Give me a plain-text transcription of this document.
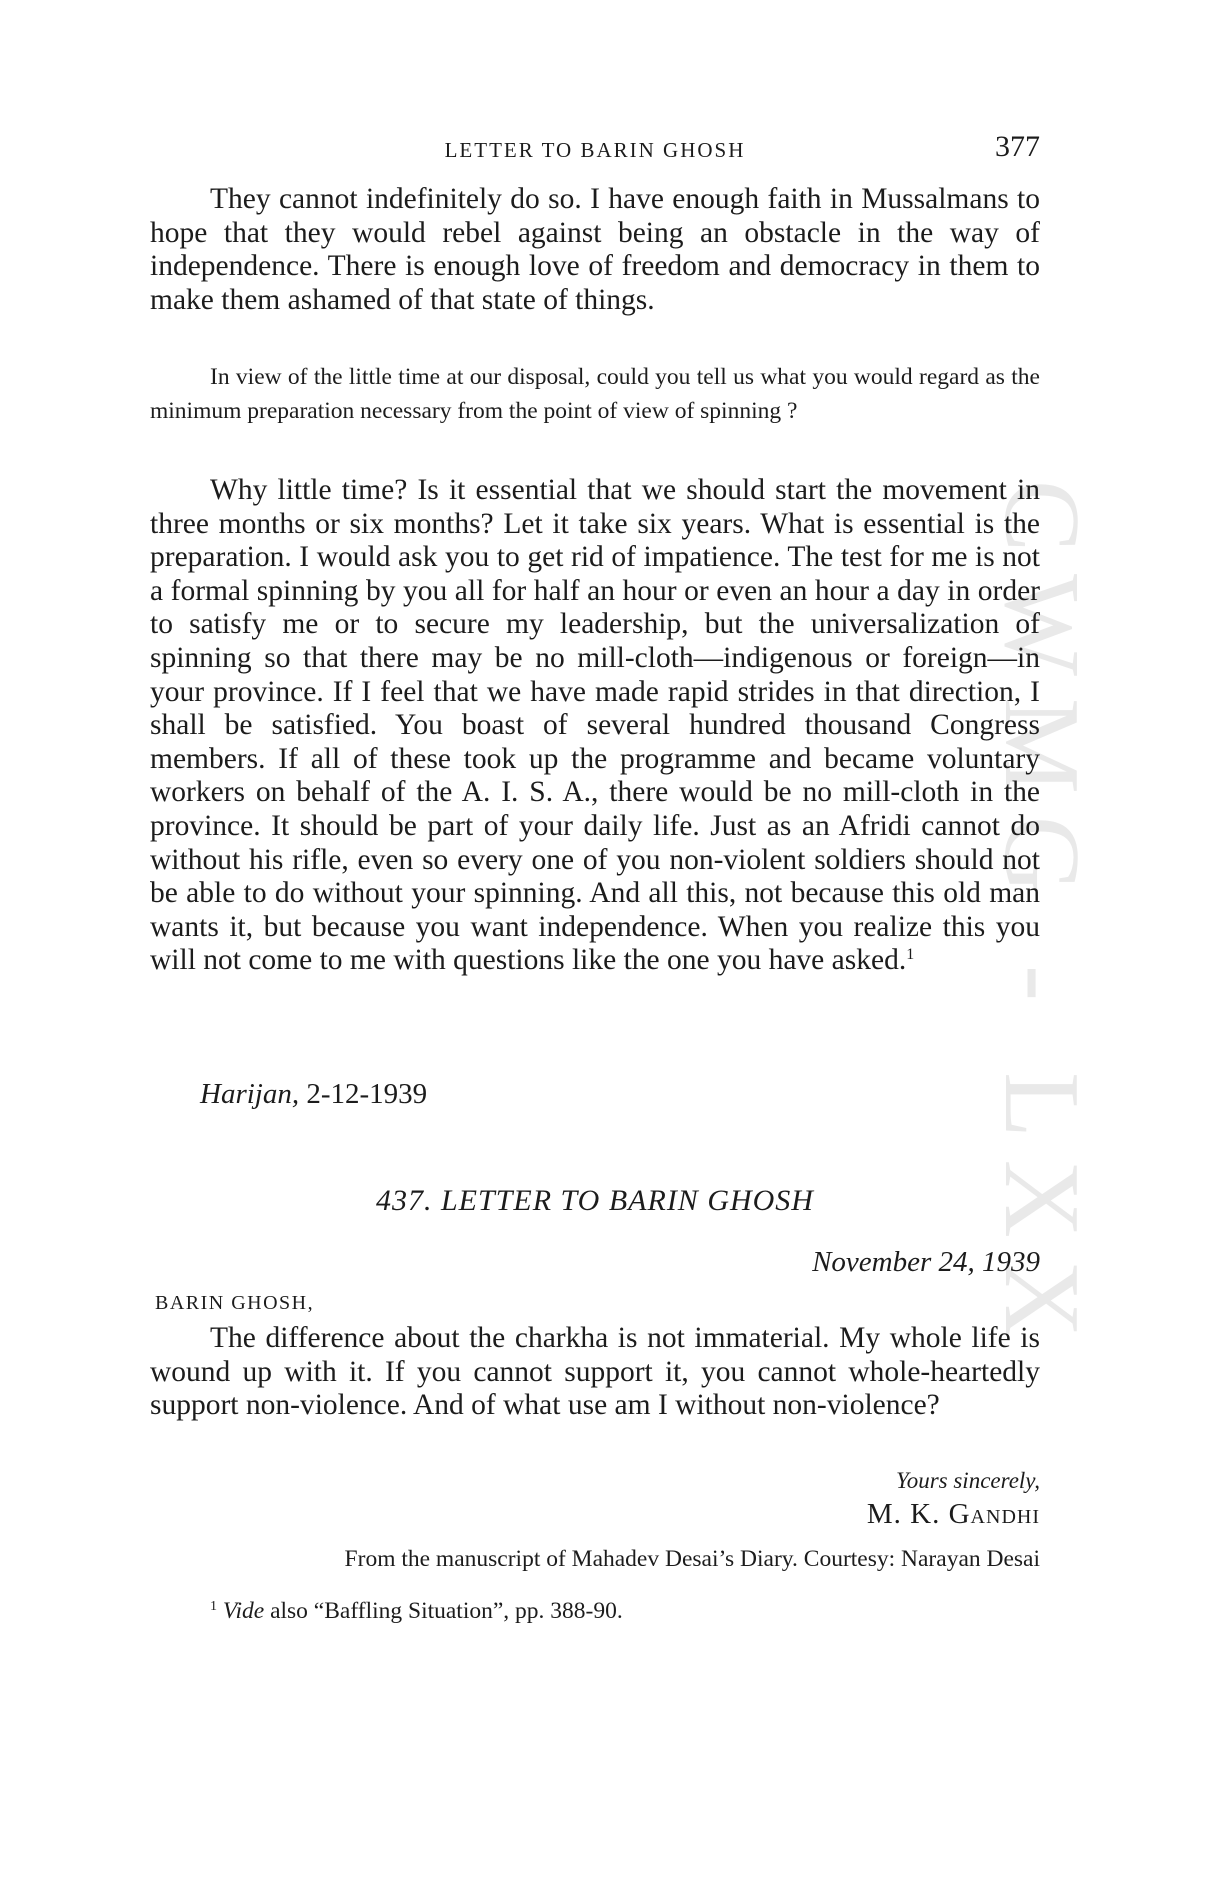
CWMG - LXX
LETTER TO BARIN GHOSH	377

They cannot indefinitely do so. I have enough faith in Mussalmans to hope that they would rebel against being an obstacle in the way of independence. There is enough love of freedom and democracy in them to make them ashamed of that state of things.

In view of the little time at our disposal, could you tell us what you would regard as the minimum preparation necessary from the point of view of spinning ?

Why little time? Is it essential that we should start the movement in three months or six months? Let it take six years. What is essential is the preparation. I would ask you to get rid of impatience. The test for me is not a formal spinning by you all for half an hour or even an hour a day in order to satisfy me or to secure my leadership, but the universalization of spinning so that there may be no mill-cloth—indigenous or foreign—in your province. If I feel that we have made rapid strides in that direction, I shall be satisfied. You boast of several hundred thousand Congress members. If all of these took up the programme and became voluntary workers on behalf of the A. I. S. A., there would be no mill-cloth in the province. It should be part of your daily life. Just as an Afridi cannot do without his rifle, even so every one of you non-violent soldiers should not be able to do without your spinning. And all this, not because this old man wants it, but because you want independence. When you realize this you will not come to me with questions like the one you have asked.$^1$

Harijan, 2-12-1939

437. LETTER TO BARIN GHOSH

November 24, 1939
BARIN GHOSH,

The difference about the charkha is not immaterial. My whole life is wound up with it. If you cannot support it, you cannot whole-heartedly support non-violence. And of what use am I without non-violence?

Yours sincerely,
M. K. Gandhi

From the manuscript of Mahadev Desai’s Diary. Courtesy: Narayan Desai

$^1$ Vide also “Baffling Situation”, pp. 388-90.
